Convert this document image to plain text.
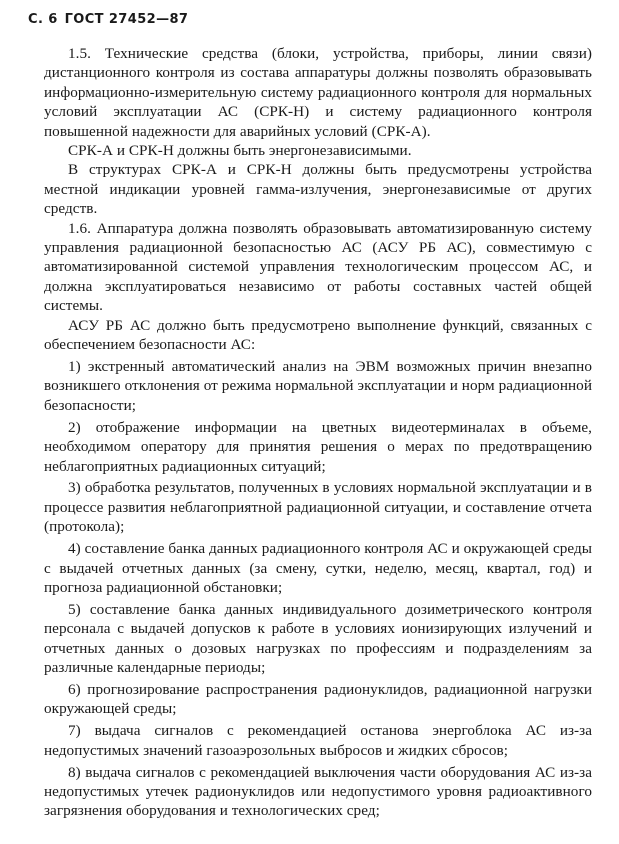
С. 6 ГОСТ 27452—87

1.5. Технические средства (блоки, устройства, приборы, линии связи) дистанционного контроля из состава аппаратуры должны позволять образовывать информационно-измерительную систему радиационного контроля для нормальных условий эксплуатации АС (СРК-Н) и систему радиационного контроля повышенной надежности для аварийных условий (СРК-А).

СРК-А и СРК-Н должны быть энергонезависимыми.

В структурах СРК-А и СРК-Н должны быть предусмотрены устройства местной индикации уровней гамма-излучения, энергонезависимые от других средств.

1.6. Аппаратура должна позволять образовывать автоматизированную систему управления радиационной безопасностью АС (АСУ РБ АС), совместимую с автоматизированной системой управления технологическим процессом АС, и должна эксплуатироваться независимо от работы составных частей общей системы.

АСУ РБ АС должно быть предусмотрено выполнение функций, связанных с обеспечением безопасности АС:

1) экстренный автоматический анализ на ЭВМ возможных причин внезапно возникшего отклонения от режима нормальной эксплуатации и норм радиационной безопасности;

2) отображение информации на цветных видеотерминалах в объеме, необходимом оператору для принятия решения о мерах по предотвращению неблагоприятных радиационных ситуаций;

3) обработка результатов, полученных в условиях нормальной эксплуатации и в процессе развития неблагоприятной радиационной ситуации, и составление отчета (протокола);

4) составление банка данных радиационного контроля АС и окружающей среды с выдачей отчетных данных (за смену, сутки, неделю, месяц, квартал, год) и прогноза радиационной обстановки;

5) составление банка данных индивидуального дозиметрического контроля персонала с выдачей допусков к работе в условиях ионизирующих излучений и отчетных данных о дозовых нагрузках по профессиям и подразделениям за различные календарные периоды;

6) прогнозирование распространения радионуклидов, радиационной нагрузки окружающей среды;

7) выдача сигналов с рекомендацией останова энергоблока АС из-за недопустимых значений газоаэрозольных выбросов и жидких сбросов;

8) выдача сигналов с рекомендацией выключения части оборудования АС из-за недопустимых утечек радионуклидов или недопустимого уровня радиоактивного загрязнения оборудования и технологических сред;
